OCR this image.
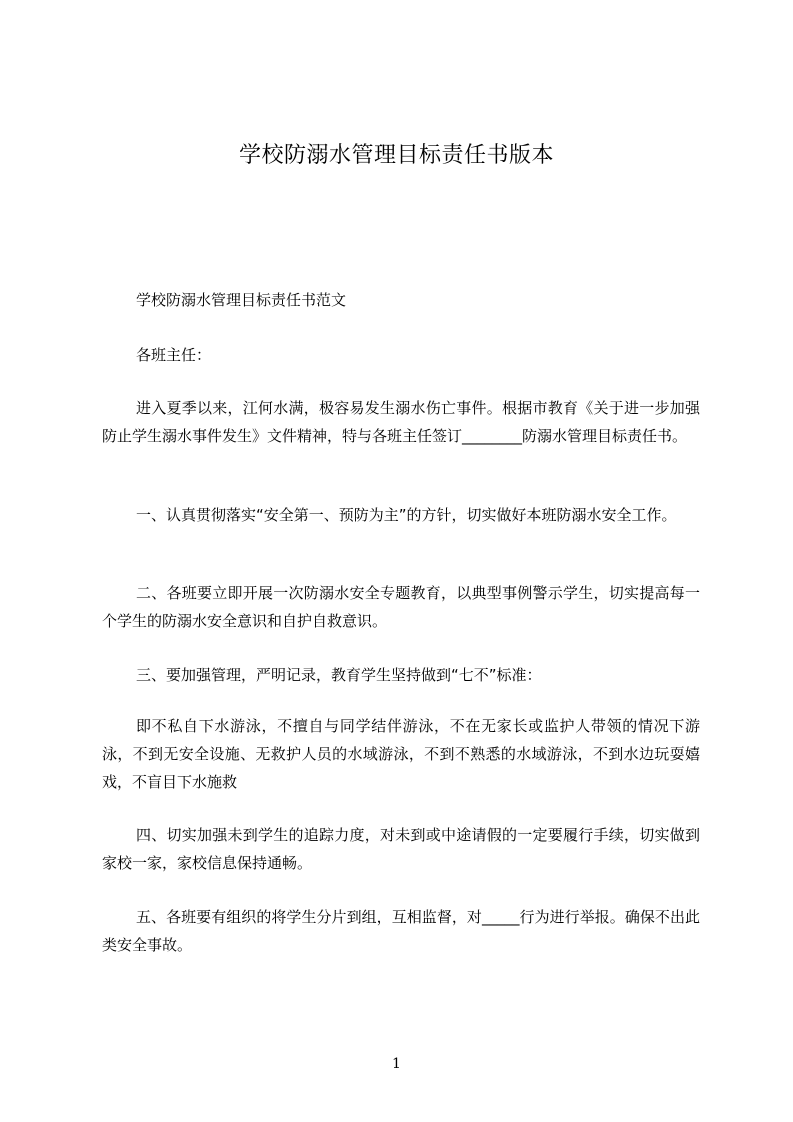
学校防溺水管理目标责任书版本

学校防溺水管理目标责任书范文

各班主任：

进入夏季以来，江何水满，极容易发生溺水伤亡事件。根据市教育《关于进一步加强防止学生溺水事件发生》文件精神，特与各班主任签订________防溺水管理目标责任书。

一、认真贯彻落实“安全第一、预防为主”的方针，切实做好本班防溺水安全工作。

二、各班要立即开展一次防溺水安全专题教育，以典型事例警示学生，切实提高每一个学生的防溺水安全意识和自护自救意识。

三、要加强管理，严明记录，教育学生坚持做到“七不”标准：

即不私自下水游泳，不擅自与同学结伴游泳，不在无家长或监护人带领的情况下游泳，不到无安全设施、无救护人员的水域游泳，不到不熟悉的水域游泳，不到水边玩耍嬉戏，不盲目下水施救

四、切实加强未到学生的追踪力度，对未到或中途请假的一定要履行手续，切实做到家校一家，家校信息保持通畅。

五、各班要有组织的将学生分片到组，互相监督，对_____行为进行举报。确保不出此类安全事故。

1
